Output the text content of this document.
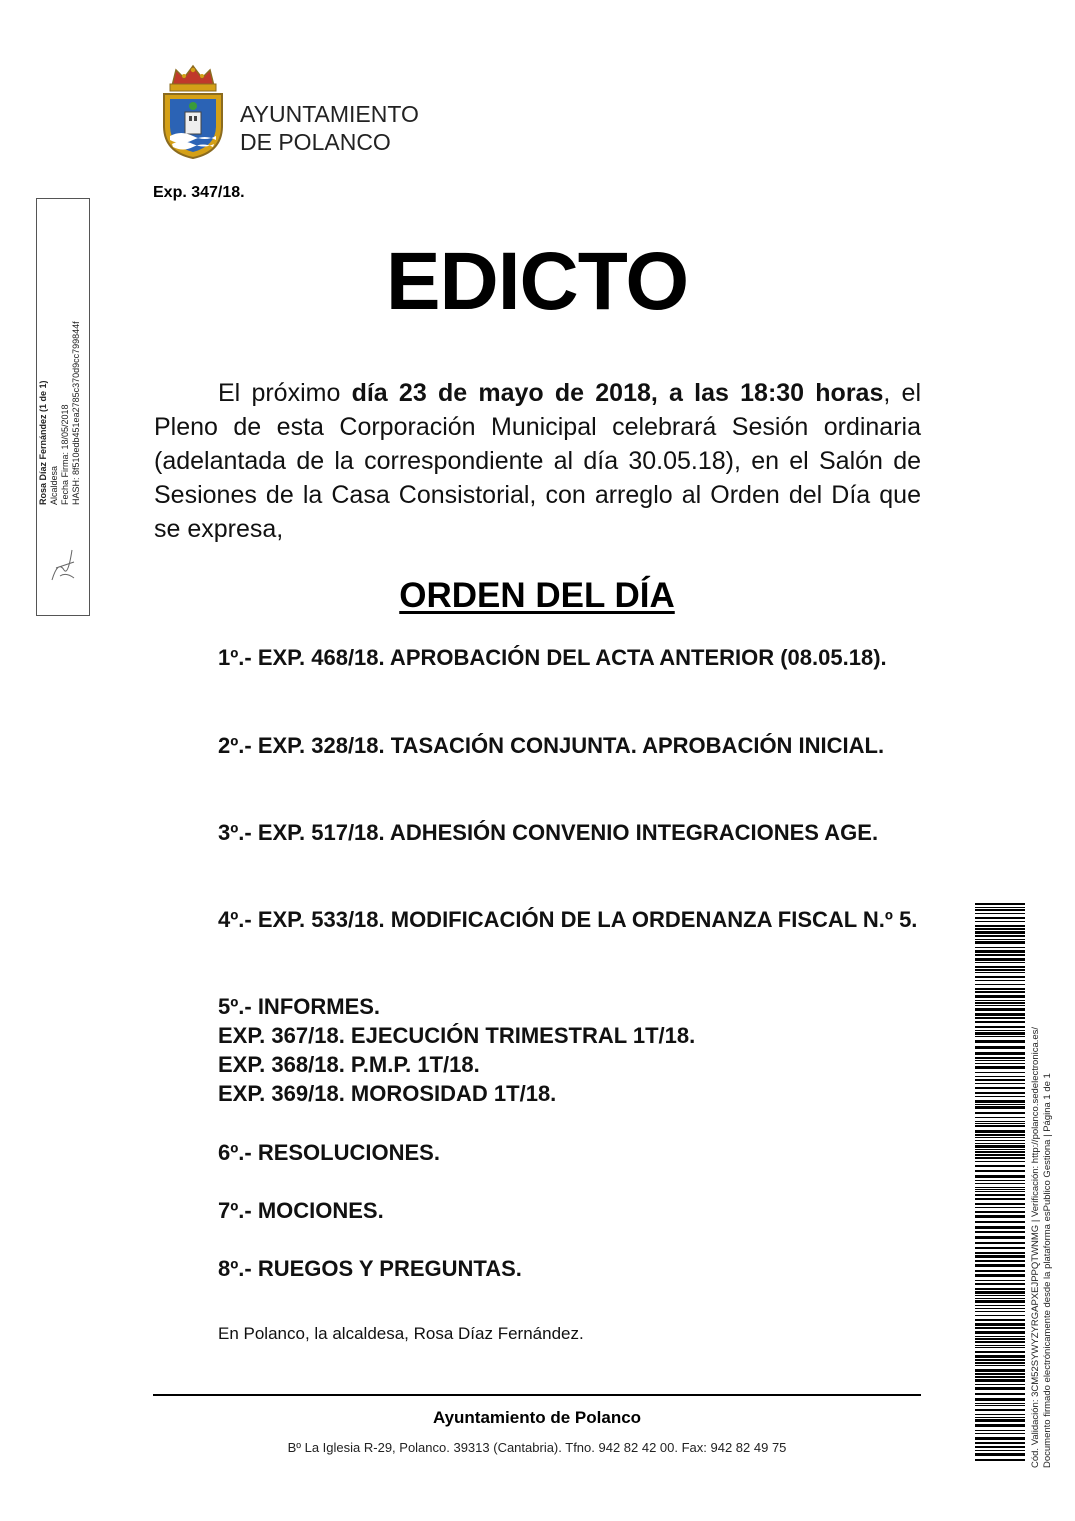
AYUNTAMIENTO
DE POLANCO
Exp. 347/18.
EDICTO

El próximo día 23 de mayo de 2018, a las 18:30 horas, el Pleno de esta Corporación Municipal celebrará Sesión ordinaria (adelantada de la correspondiente al día 30.05.18), en el Salón de Sesiones de la Casa Consistorial, con arreglo al Orden del Día que se expresa,

ORDEN DEL DÍA

1º.- EXP. 468/18. APROBACIÓN DEL ACTA ANTERIOR (08.05.18).

2º.- EXP. 328/18. TASACIÓN CONJUNTA. APROBACIÓN INICIAL.

3º.- EXP. 517/18. ADHESIÓN CONVENIO INTEGRACIONES AGE.

4º.- EXP. 533/18. MODIFICACIÓN DE LA ORDENANZA FISCAL N.º 5.

5º.- INFORMES.
EXP. 367/18. EJECUCIÓN TRIMESTRAL 1T/18.
EXP. 368/18. P.M.P. 1T/18.
EXP. 369/18. MOROSIDAD 1T/18.
6º.- RESOLUCIONES.
7º.- MOCIONES.
8º.- RUEGOS Y PREGUNTAS.
En Polanco, la alcaldesa, Rosa Díaz Fernández.
Ayuntamiento de Polanco
Bº La Iglesia R-29, Polanco. 39313 (Cantabria). Tfno. 942 82 42 00. Fax: 942 82 49 75
Rosa Díaz Fernández (1 de 1) Alcaldesa Fecha Firma: 18/05/2018 HASH: 8f510edb451ea2785c370d9cc799844f
Cód. Validación: 3CM52SYWYZYRGAPXEJPPQTWNMG | Verificación: http://polanco.sedelectronica.es/ Documento firmado electrónicamente desde la plataforma esPublico Gestiona | Página 1 de 1
